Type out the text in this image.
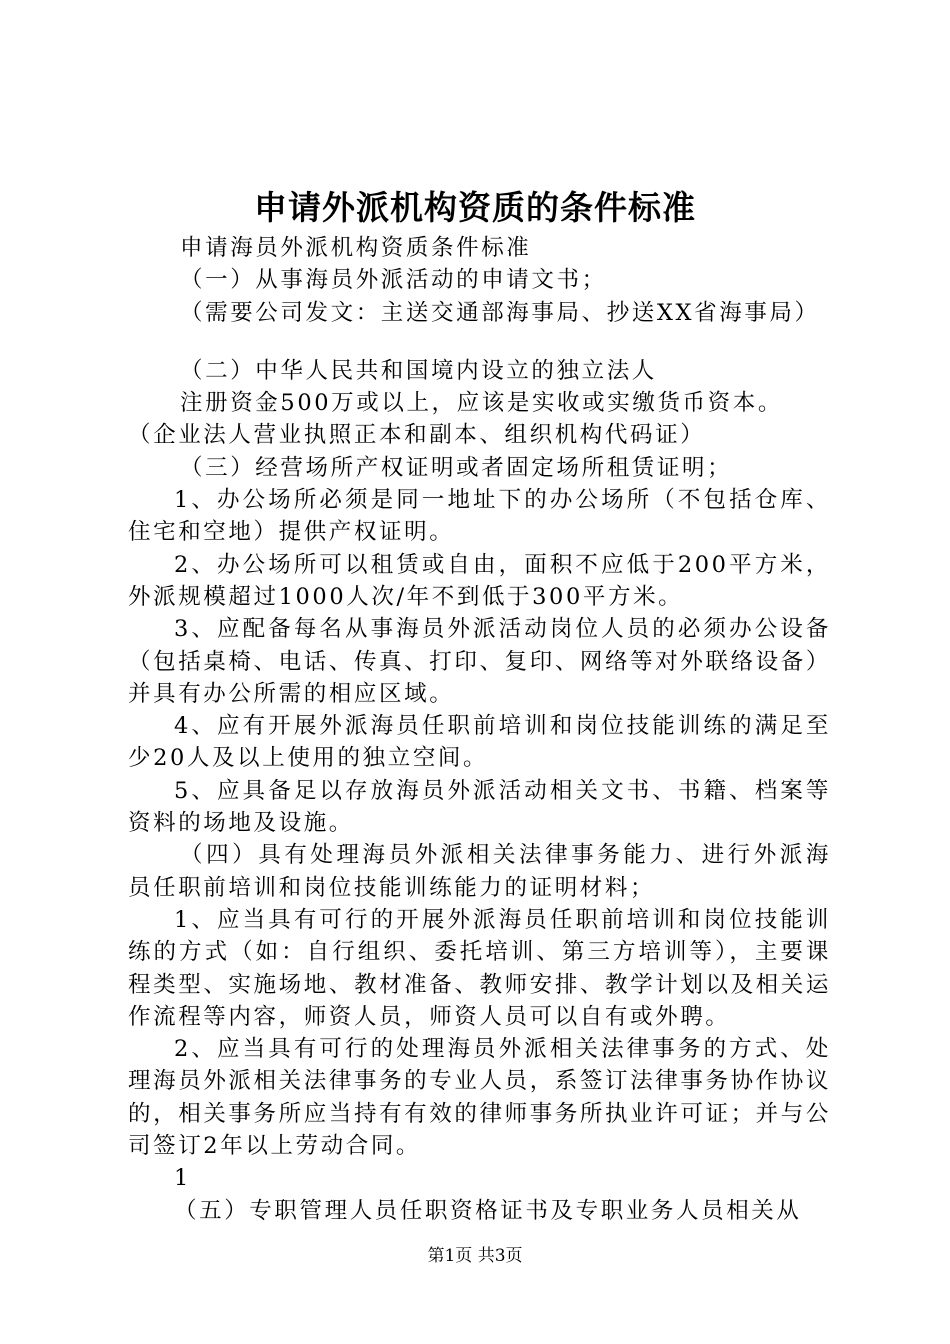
申请外派机构资质的条件标准

申请海员外派机构资质条件标准

（一）从事海员外派活动的申请文书；

（需要公司发文：主送交通部海事局、抄送XX省海事局）

（二）中华人民共和国境内设立的独立法人

注册资金500万或以上，应该是实收或实缴货币资本。

（企业法人营业执照正本和副本、组织机构代码证）

（三）经营场所产权证明或者固定场所租赁证明；

1、办公场所必须是同一地址下的办公场所（不包括仓库、住宅和空地）提供产权证明。

2、办公场所可以租赁或自由，面积不应低于200平方米，外派规模超过1000人次/年不到低于300平方米。

3、应配备每名从事海员外派活动岗位人员的必须办公设备（包括桌椅、电话、传真、打印、复印、网络等对外联络设备）并具有办公所需的相应区域。

4、应有开展外派海员任职前培训和岗位技能训练的满足至少20人及以上使用的独立空间。

5、应具备足以存放海员外派活动相关文书、书籍、档案等资料的场地及设施。

（四）具有处理海员外派相关法律事务能力、进行外派海员任职前培训和岗位技能训练能力的证明材料；

1、应当具有可行的开展外派海员任职前培训和岗位技能训练的方式（如：自行组织、委托培训、第三方培训等），主要课程类型、实施场地、教材准备、教师安排、教学计划以及相关运作流程等内容，师资人员，师资人员可以自有或外聘。

2、应当具有可行的处理海员外派相关法律事务的方式、处理海员外派相关法律事务的专业人员，系签订法律事务协作协议的，相关事务所应当持有有效的律师事务所执业许可证；并与公司签订2年以上劳动合同。

1

（五）专职管理人员任职资格证书及专职业务人员相关从

第1页 共3页
